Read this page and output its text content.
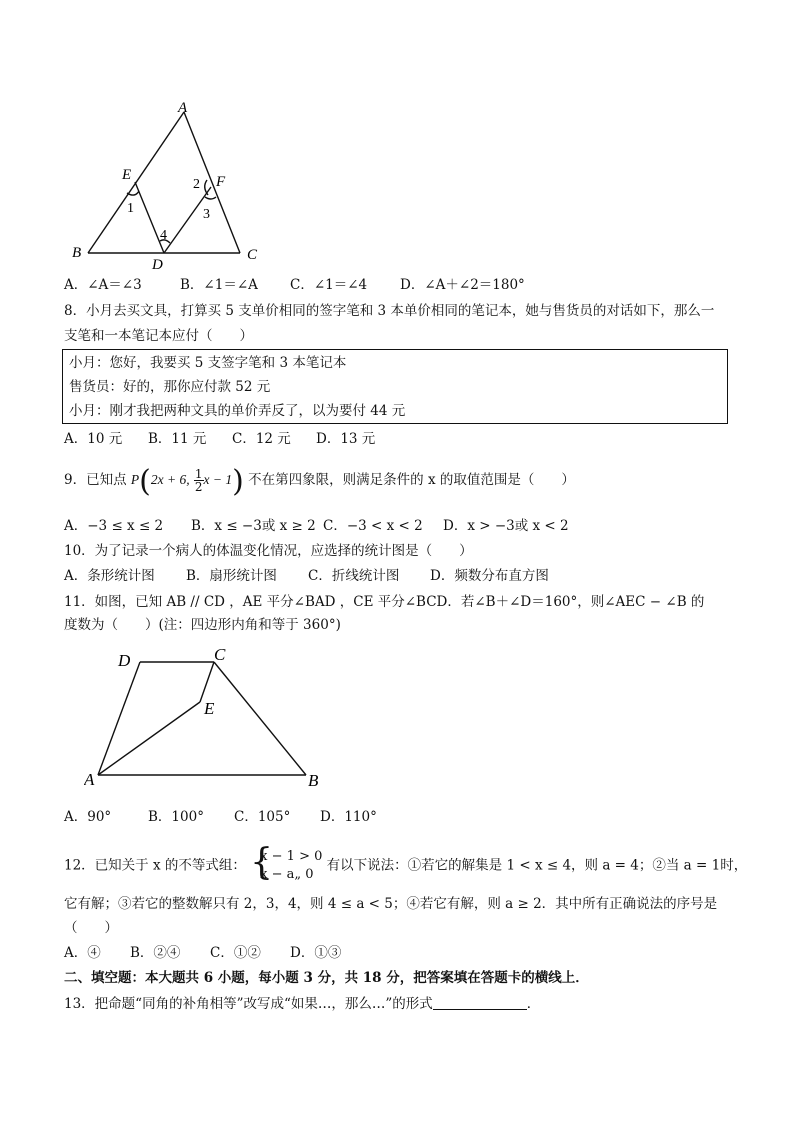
A
B	C
D
E	F
1
2
3
4
A．∠A＝∠3	B．∠1＝∠A C．∠1＝∠4 D．∠A＋∠2＝180°
8．小月去买文具，打算买 5 支单价相同的签字笔和 3 本单价相同的笔记本，她与售货员的对话如下，那么一
支笔和一本笔记本应付（　　）
小月：您好，我要买 5 支签字笔和 3 本笔记本
售货员：好的，那你应付款 52 元
小月：刚才我把两种文具的单价弄反了，以为要付 44 元
A．10 元 B．11 元 C．12 元 D．13 元
9．已知点 P(2x + 6, $\frac{1}{2}$ x − 1) 不在第四象限，则满足条件的 x 的取值范围是（　　）
A．−3 ≤ x ≤ 2 B．x ≤ −3或 x ≥ 2 C．−3 < x < 2 D．x > −3或 x < 2
10．为了记录一个病人的体温变化情况，应选择的统计图是（　　）
A．条形统计图 B．扇形统计图 C．折线统计图 D．频数分布直方图
11．如图，已知 AB // CD ，AE 平分∠BAD ，CE 平分∠BCD．若∠B＋∠D＝160°，则∠AEC − ∠B 的
度数为（　　）(注：四边形内角和等于 360°)
D	C
E
A	B
A．90°	B．100° C．105° D．110°
12．已知关于 x 的不等式组： {
x − 1 > 0
x − a„ 0
有以下说法：①若它的解集是 1 < x ≤ 4，则 a = 4；②当 a = 1时，
它有解；③若它的整数解只有 2，3，4，则 4 ≤ a < 5；④若它有解，则 a ≥ 2．其中所有正确说法的序号是
（　　）
A．④ B．②④ C．①② D．①③
二、填空题：本大题共 6 小题，每小题 3 分，共 18 分，把答案填在答题卡的横线上．
13．把命题“同角的补角相等”改写成“如果…，那么…”的形式	．
